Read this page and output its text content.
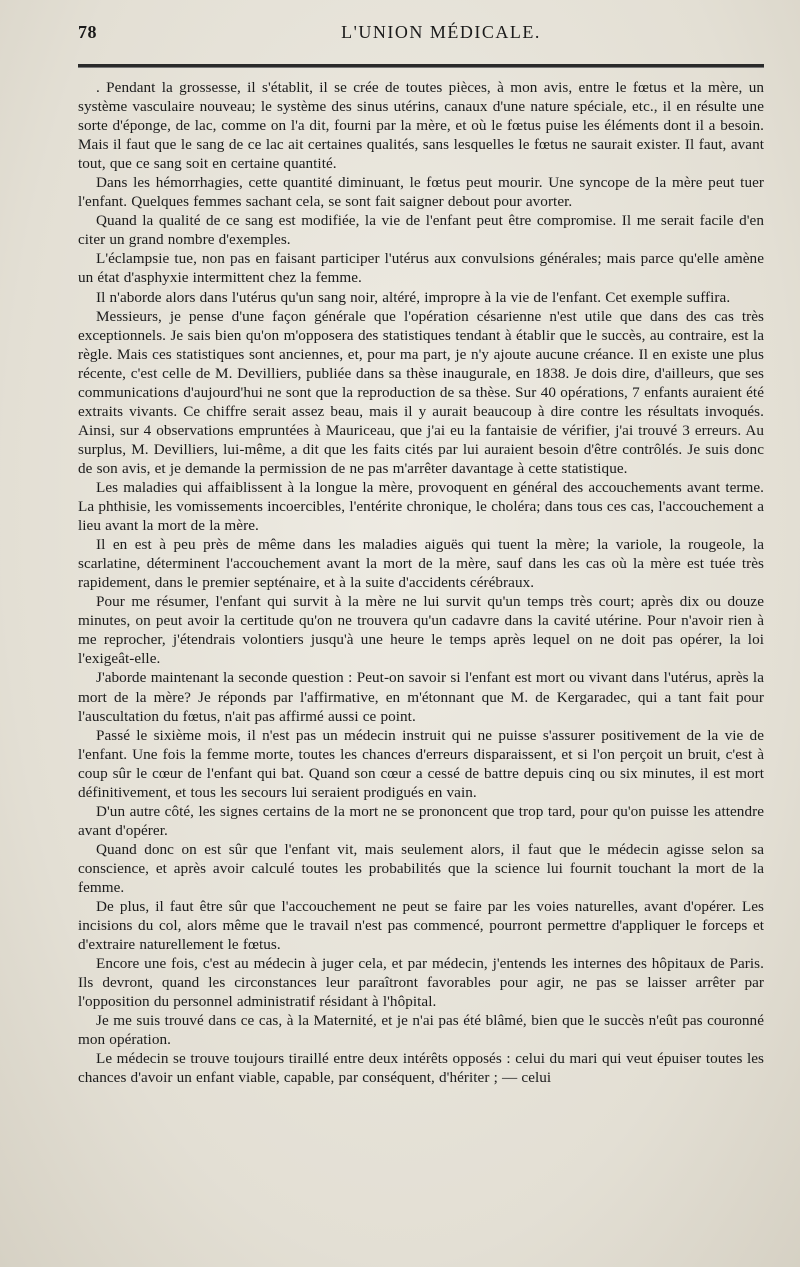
78	L'UNION MÉDICALE.

. Pendant la grossesse, il s'établit, il se crée de toutes pièces, à mon avis, entre le fœtus et la mère, un système vasculaire nouveau; le système des sinus utérins, canaux d'une nature spéciale, etc., il en résulte une sorte d'éponge, de lac, comme on l'a dit, fourni par la mère, et où le fœtus puise les éléments dont il a besoin. Mais il faut que le sang de ce lac ait certaines qualités, sans lesquelles le fœtus ne saurait exister. Il faut, avant tout, que ce sang soit en certaine quantité.

Dans les hémorrhagies, cette quantité diminuant, le fœtus peut mourir. Une syncope de la mère peut tuer l'enfant. Quelques femmes sachant cela, se sont fait saigner debout pour avorter.

Quand la qualité de ce sang est modifiée, la vie de l'enfant peut être compromise. Il me serait facile d'en citer un grand nombre d'exemples.

L'éclampsie tue, non pas en faisant participer l'utérus aux convulsions générales; mais parce qu'elle amène un état d'asphyxie intermittent chez la femme.

Il n'aborde alors dans l'utérus qu'un sang noir, altéré, impropre à la vie de l'enfant. Cet exemple suffira.

Messieurs, je pense d'une façon générale que l'opération césarienne n'est utile que dans des cas très exceptionnels. Je sais bien qu'on m'opposera des statistiques tendant à établir que le succès, au contraire, est la règle. Mais ces statistiques sont anciennes, et, pour ma part, je n'y ajoute aucune créance. Il en existe une plus récente, c'est celle de M. Devilliers, publiée dans sa thèse inaugurale, en 1838. Je dois dire, d'ailleurs, que ses communications d'aujourd'hui ne sont que la reproduction de sa thèse. Sur 40 opérations, 7 enfants auraient été extraits vivants. Ce chiffre serait assez beau, mais il y aurait beaucoup à dire contre les résultats invoqués. Ainsi, sur 4 observations empruntées à Mauriceau, que j'ai eu la fantaisie de vérifier, j'ai trouvé 3 erreurs. Au surplus, M. Devilliers, lui-même, a dit que les faits cités par lui auraient besoin d'être contrôlés. Je suis donc de son avis, et je demande la permission de ne pas m'arrêter davantage à cette statistique.

Les maladies qui affaiblissent à la longue la mère, provoquent en général des accouchements avant terme. La phthisie, les vomissements incoercibles, l'entérite chronique, le choléra; dans tous ces cas, l'accouchement a lieu avant la mort de la mère.

Il en est à peu près de même dans les maladies aiguës qui tuent la mère; la variole, la rougeole, la scarlatine, déterminent l'accouchement avant la mort de la mère, sauf dans les cas où la mère est tuée très rapidement, dans le premier septénaire, et à la suite d'accidents cérébraux.

Pour me résumer, l'enfant qui survit à la mère ne lui survit qu'un temps très court; après dix ou douze minutes, on peut avoir la certitude qu'on ne trouvera qu'un cadavre dans la cavité utérine. Pour n'avoir rien à me reprocher, j'étendrais volontiers jusqu'à une heure le temps après lequel on ne doit pas opérer, la loi l'exigeât-elle.

J'aborde maintenant la seconde question : Peut-on savoir si l'enfant est mort ou vivant dans l'utérus, après la mort de la mère? Je réponds par l'affirmative, en m'étonnant que M. de Kergaradec, qui a tant fait pour l'auscultation du fœtus, n'ait pas affirmé aussi ce point.

Passé le sixième mois, il n'est pas un médecin instruit qui ne puisse s'assurer positivement de la vie de l'enfant. Une fois la femme morte, toutes les chances d'erreurs disparaissent, et si l'on perçoit un bruit, c'est à coup sûr le cœur de l'enfant qui bat. Quand son cœur a cessé de battre depuis cinq ou six minutes, il est mort définitivement, et tous les secours lui seraient prodigués en vain.

D'un autre côté, les signes certains de la mort ne se prononcent que trop tard, pour qu'on puisse les attendre avant d'opérer.

Quand donc on est sûr que l'enfant vit, mais seulement alors, il faut que le médecin agisse selon sa conscience, et après avoir calculé toutes les probabilités que la science lui fournit touchant la mort de la femme.

De plus, il faut être sûr que l'accouchement ne peut se faire par les voies naturelles, avant d'opérer. Les incisions du col, alors même que le travail n'est pas commencé, pourront permettre d'appliquer le forceps et d'extraire naturellement le fœtus.

Encore une fois, c'est au médecin à juger cela, et par médecin, j'entends les internes des hôpitaux de Paris. Ils devront, quand les circonstances leur paraîtront favorables pour agir, ne pas se laisser arrêter par l'opposition du personnel administratif résidant à l'hôpital.

Je me suis trouvé dans ce cas, à la Maternité, et je n'ai pas été blâmé, bien que le succès n'eût pas couronné mon opération.

Le médecin se trouve toujours tiraillé entre deux intérêts opposés : celui du mari qui veut épuiser toutes les chances d'avoir un enfant viable, capable, par conséquent, d'hériter ; — celui
